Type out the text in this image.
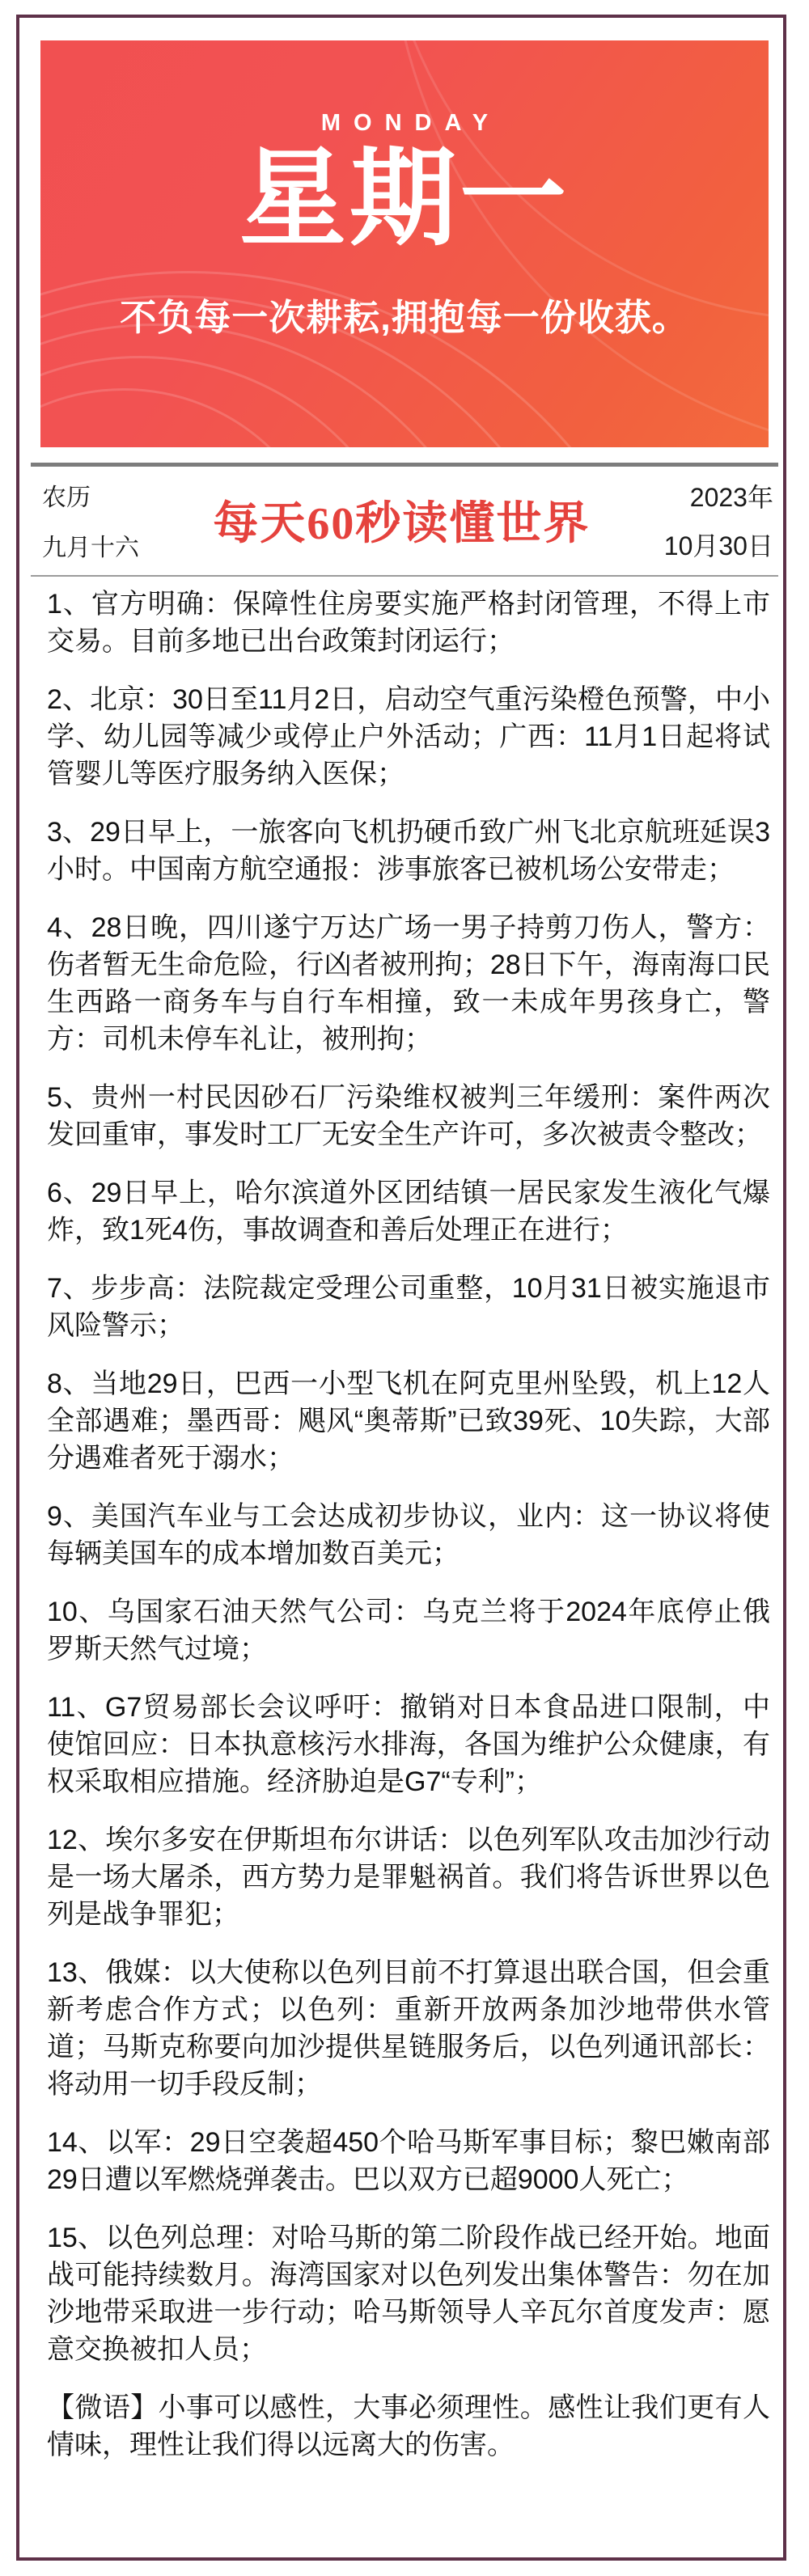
MONDAY
星期一
不负每一次耕耘,拥抱每一份收获。
农历
九月十六 每天60秒读懂世界
2023年
10月30日

1、官方明确：保障性住房要实施严格封闭管理，不得上市交易。目前多地已出台政策封闭运行；

2、北京：30日至11月2日，启动空气重污染橙色预警，中小学、幼儿园等减少或停止户外活动；广西：11月1日起将试管婴儿等医疗服务纳入医保；

3、29日早上，一旅客向飞机扔硬币致广州飞北京航班延误3小时。中国南方航空通报：涉事旅客已被机场公安带走；

4、28日晚，四川遂宁万达广场一男子持剪刀伤人，警方：伤者暂无生命危险，行凶者被刑拘；28日下午，海南海口民生西路一商务车与自行车相撞，致一未成年男孩身亡，警方：司机未停车礼让，被刑拘；

5、贵州一村民因砂石厂污染维权被判三年缓刑：案件两次发回重审，事发时工厂无安全生产许可，多次被责令整改；

6、29日早上，哈尔滨道外区团结镇一居民家发生液化气爆炸，致1死4伤，事故调查和善后处理正在进行；

7、步步高：法院裁定受理公司重整，10月31日被实施退市风险警示；

8、当地29日，巴西一小型飞机在阿克里州坠毁，机上12人全部遇难；墨西哥：飓风“奥蒂斯”已致39死、10失踪，大部分遇难者死于溺水；

9、美国汽车业与工会达成初步协议，业内：这一协议将使每辆美国车的成本增加数百美元；

10、乌国家石油天然气公司：乌克兰将于2024年底停止俄罗斯天然气过境；

11、G7贸易部长会议呼吁：撤销对日本食品进口限制，中使馆回应：日本执意核污水排海，各国为维护公众健康，有权采取相应措施。经济胁迫是G7“专利”；

12、埃尔多安在伊斯坦布尔讲话：以色列军队攻击加沙行动是一场大屠杀，西方势力是罪魁祸首。我们将告诉世界以色列是战争罪犯；

13、俄媒：以大使称以色列目前不打算退出联合国，但会重新考虑合作方式；以色列：重新开放两条加沙地带供水管道；马斯克称要向加沙提供星链服务后，以色列通讯部长：将动用一切手段反制；

14、以军：29日空袭超450个哈马斯军事目标；黎巴嫩南部29日遭以军燃烧弹袭击。巴以双方已超9000人死亡；

15、以色列总理：对哈马斯的第二阶段作战已经开始。地面战可能持续数月。海湾国家对以色列发出集体警告：勿在加沙地带采取进一步行动；哈马斯领导人辛瓦尔首度发声：愿意交换被扣人员；

【微语】小事可以感性，大事必须理性。感性让我们更有人情味，理性让我们得以远离大的伤害。
